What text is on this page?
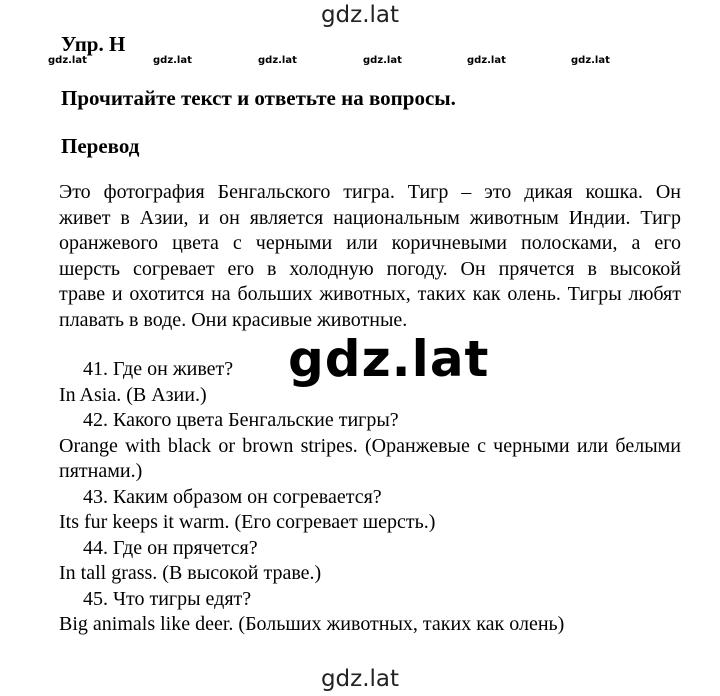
gdz.lat
Упр. H
gdz.lat	gdz.lat	gdz.lat	gdz.lat	gdz.lat	gdz.lat
Прочитайте текст и ответьте на вопросы.
Перевод
Это фотография Бенгальского тигра. Тигр – это дикая кошка. Он
живет в Азии, и он является национальным животным Индии. Тигр
оранжевого цвета с черными или коричневыми полосками, а его
шерсть согревает его в холодную погоду. Он прячется в высокой
траве и охотится на больших животных, таких как олень. Тигры любят
плавать в воде. Они красивые животные.
gdz.lat
41. Где он живет?
In Asia. (В Азии.)
42. Какого цвета Бенгальские тигры?
Orange with black or brown stripes. (Оранжевые с черными или белыми пятнами.)
43. Каким образом он согревается?
Its fur keeps it warm. (Его согревает шерсть.)
44. Где он прячется?
In tall grass. (В высокой траве.)
45. Что тигры едят?
Big animals like deer. (Больших животных, таких как олень)
gdz.lat
